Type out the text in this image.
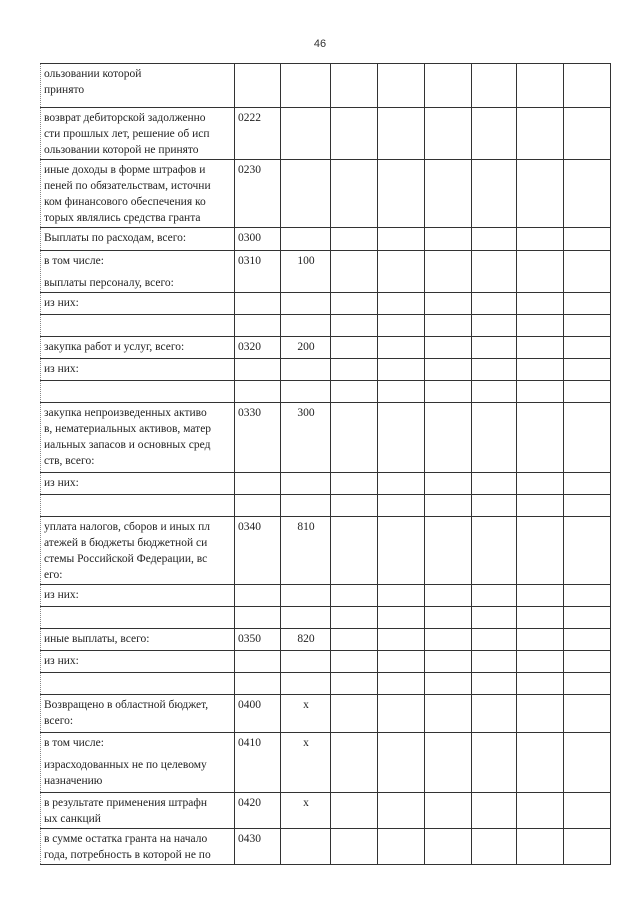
46
ользовании которой
принято								

возврат дебиторской задолженно
сти прошлых лет, решение об исп
ользовании которой не принято	0222							

иные доходы в форме штрафов и
пеней по обязательствам, источни
ком финансового обеспечения ко
торых являлись средства гранта	0230							

Выплаты по расходам, всего:	0300							

в том числе:
выплаты персоналу, всего:	0310	100						

из них:								

закупка работ и услуг, всего:	0320	200						

из них:								

закупка непроизведенных активо
в, нематериальных активов, матер
иальных запасов и основных сред
ств, всего:	0330	300						

из них:								

уплата налогов, сборов и иных пл
атежей в бюджеты бюджетной си
стемы Российской Федерации, вс
его:	0340	810						

из них:								

иные выплаты, всего:	0350	820						

из них:								

Возвращено в областной бюджет,
всего:	0400	x						

в том числе:
израсходованных не по целевому
назначению	0410	x						

в результате применения штрафн
ых санкций	0420	x						

в сумме остатка гранта на начало
года, потребность в которой не по	0430							
